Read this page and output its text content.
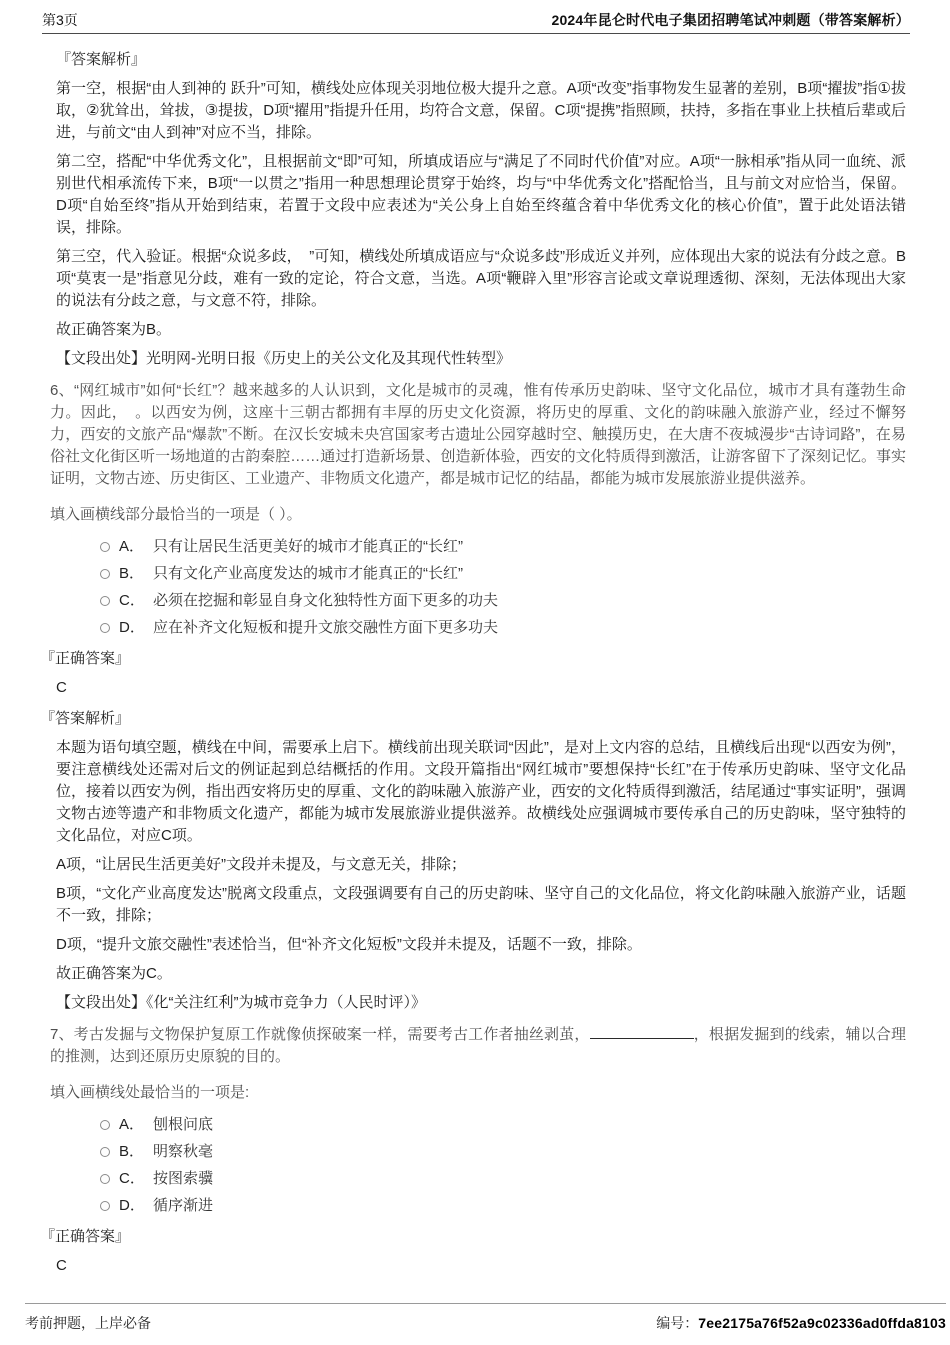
第3页	2024年昆仑时代电子集团招聘笔试冲刺题（带答案解析）
『答案解析』

第一空，根据“由人到神的 跃升”可知，横线处应体现关羽地位极大提升之意。A项“改变”指事物发生显著的差别，B项“擢拔”指①拔取，②犹耸出，耸拔，③提拔，D项“擢用”指提升任用，均符合文意，保留。C项“提携”指照顾，扶持，多指在事业上扶植后辈或后进，与前文“由人到神”对应不当，排除。

第二空，搭配“中华优秀文化”，且根据前文“即”可知，所填成语应与“满足了不同时代价值”对应。A项“一脉相承”指从同一血统、派别世代相承流传下来，B项“一以贯之”指用一种思想理论贯穿于始终，均与“中华优秀文化”搭配恰当，且与前文对应恰当，保留。D项“自始至终”指从开始到结束，若置于文段中应表述为“关公身上自始至终蕴含着中华优秀文化的核心价值”，置于此处语法错误，排除。

第三空，代入验证。根据“众说多歧，　”可知，横线处所填成语应与“众说多歧”形成近义并列，应体现出大家的说法有分歧之意。B项“莫衷一是”指意见分歧，难有一致的定论，符合文意，当选。A项“鞭辟入里”形容言论或文章说理透彻、深刻，无法体现出大家的说法有分歧之意，与文意不符，排除。

故正确答案为B。

【文段出处】光明网-光明日报《历史上的关公文化及其现代性转型》

6、“网红城市”如何“长红”？越来越多的人认识到，文化是城市的灵魂，惟有传承历史韵味、坚守文化品位，城市才具有蓬勃生命力。因此，　。以西安为例，这座十三朝古都拥有丰厚的历史文化资源，将历史的厚重、文化的韵味融入旅游产业，经过不懈努力，西安的文旅产品“爆款”不断。在汉长安城未央宫国家考古遗址公园穿越时空、触摸历史，在大唐不夜城漫步“古诗词路”，在易俗社文化街区听一场地道的古韵秦腔……通过打造新场景、创造新体验，西安的文化特质得到激活，让游客留下了深刻记忆。事实证明，文物古迹、历史街区、工业遗产、非物质文化遗产，都是城市记忆的结晶，都能为城市发展旅游业提供滋养。

填入画横线部分最恰当的一项是（ ）。

A． 只有让居民生活更美好的城市才能真正的“长红”
B． 只有文化产业高度发达的城市才能真正的“长红”
C． 必须在挖掘和彰显自身文化独特性方面下更多的功夫
D． 应在补齐文化短板和提升文旅交融性方面下更多功夫
『正确答案』
C
『答案解析』

本题为语句填空题，横线在中间，需要承上启下。横线前出现关联词“因此”，是对上文内容的总结，且横线后出现“以西安为例”，要注意横线处还需对后文的例证起到总结概括的作用。文段开篇指出“网红城市”要想保持“长红”在于传承历史韵味、坚守文化品位，接着以西安为例，指出西安将历史的厚重、文化的韵味融入旅游产业，西安的文化特质得到激活，结尾通过“事实证明”，强调文物古迹等遗产和非物质文化遗产，都能为城市发展旅游业提供滋养。故横线处应强调城市要传承自己的历史韵味，坚守独特的文化品位，对应C项。

A项，“让居民生活更美好”文段并未提及，与文意无关，排除；

B项，“文化产业高度发达”脱离文段重点，文段强调要有自己的历史韵味、坚守自己的文化品位，将文化韵味融入旅游产业，话题不一致，排除；

D项，“提升文旅交融性”表述恰当，但“补齐文化短板”文段并未提及，话题不一致，排除。

故正确答案为C。

【文段出处】《化“关注红利”为城市竞争力（人民时评）》

7、考古发掘与文物保护复原工作就像侦探破案一样，需要考古工作者抽丝剥茧，	，根据发掘到的线索，辅以合理的推测，达到还原历史原貌的目的。

填入画横线处最恰当的一项是:

A． 刨根问底
B． 明察秋毫
C． 按图索骥
D． 循序渐进
『正确答案』
C
考前押题，上岸必备	编号：7ee2175a76f52a9c02336ad0ffda8103
